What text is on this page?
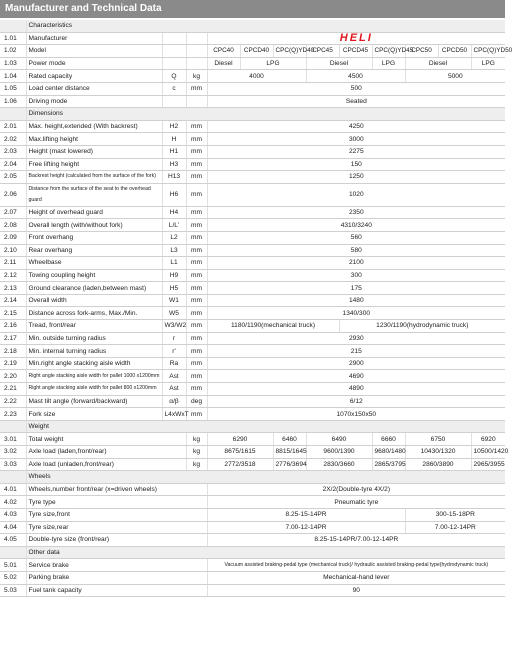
Manufacturer and Technical Data
	Characteristics											
1.01	Manufacturer			HELI								

1.02	Model			CPC40	CPCD40	CPC(Q)YD40	CPC45	CPCD45	CPC(Q)YD45	CPC50	CPCD50	CPC(Q)YD50
1.03	Power mode			Diesel	LPG		Diesel		LPG	Diesel		LPG
1.04	Rated capacity	Q	kg	4000			4500			5000		
1.05	Load center distance	c	mm	500								
1.06	Driving mode			Seated								
	Dimensions											
2.01	Max. height,extended (With backrest)	H2	mm	4250								
2.02	Max.lifting height	H	mm	3000								
2.03	Height (mast lowered)	H1	mm	2275								
2.04	Free lifting height	H3	mm	150								
2.05	Backrest height (calculated from the surface of the fork)	H13	mm	1250								
2.06	Distance from the surface of the seat to the overhead guard	H6	mm	1020								
2.07	Height of overhead guard	H4	mm	2350								
2.08	Overall length (with/without fork)	L/L'	mm	4310/3240								
2.09	Front overhang	L2	mm	560								
2.10	Rear overhang	L3	mm	580								
2.11	Wheelbase	L1	mm	2100								
2.12	Towing coupling height	H9	mm	300								
2.13	Ground clearance (laden,between mast)	H5	mm	175								
2.14	Overall width	W1	mm	1480								
2.15	Distance across fork-arms, Max./Min.	W5	mm	1340/300								
2.16	Tread, front/rear	W3/W2	mm	1180/1190(mechanical truck)				1230/1190(hydrodynamic truck)				
2.17	Min. outside turning radius	r	mm	2930								
2.18	Min. internal turning radius	r'	mm	215								
2.19	Min.right angle stacking aisle width	Ra	mm	2900								
2.20	Right angle stacking aisle width for pallet 1000 x1200mm	Ast	mm	4690								
2.21	Right angle stacking aisle width for pallet 800 x1200mm	Ast	mm	4890								
2.22	Mast tilt angle (forward/backward)	α/β	deg	6/12								
2.23	Fork size	L4xWxT	mm	1070x150x50								
	Weight											
3.01	Total weight		kg	6290		6460	6490		6660	6750		6920
3.02	Axle load (laden,front/rear)		kg	8675/1615		8815/1645	9600/1390		9680/1480	10430/1320		10500/1420
3.03	Axle load (unladen,front/rear)		kg	2772/3518		2776/3694	2830/3660		2865/3795	2860/3890		2965/3955
	Wheels											
4.01	Wheels,number front/rear (x=driven wheels)			2X/2(Double-tyre 4X/2)								
4.02	Tyre type			Pneumatic tyre								
4.03	Tyre size,front			8.25-15-14PR						300-15-18PR		
4.04	Tyre size,rear			7.00-12-14PR						7.00-12-14PR		
4.05	Double-tyre size (front/rear)			8.25-15-14PR/7.00-12-14PR								
	Other data											
5.01	Service brake			Vacuum assisted braking-pedal type (mechanical truck)/ hydraulic assisted braking-pedal type(hydrodynamic truck)								
5.02	Parking brake			Mechanical-hand lever								
5.03	Fuel tank capacity			90								
